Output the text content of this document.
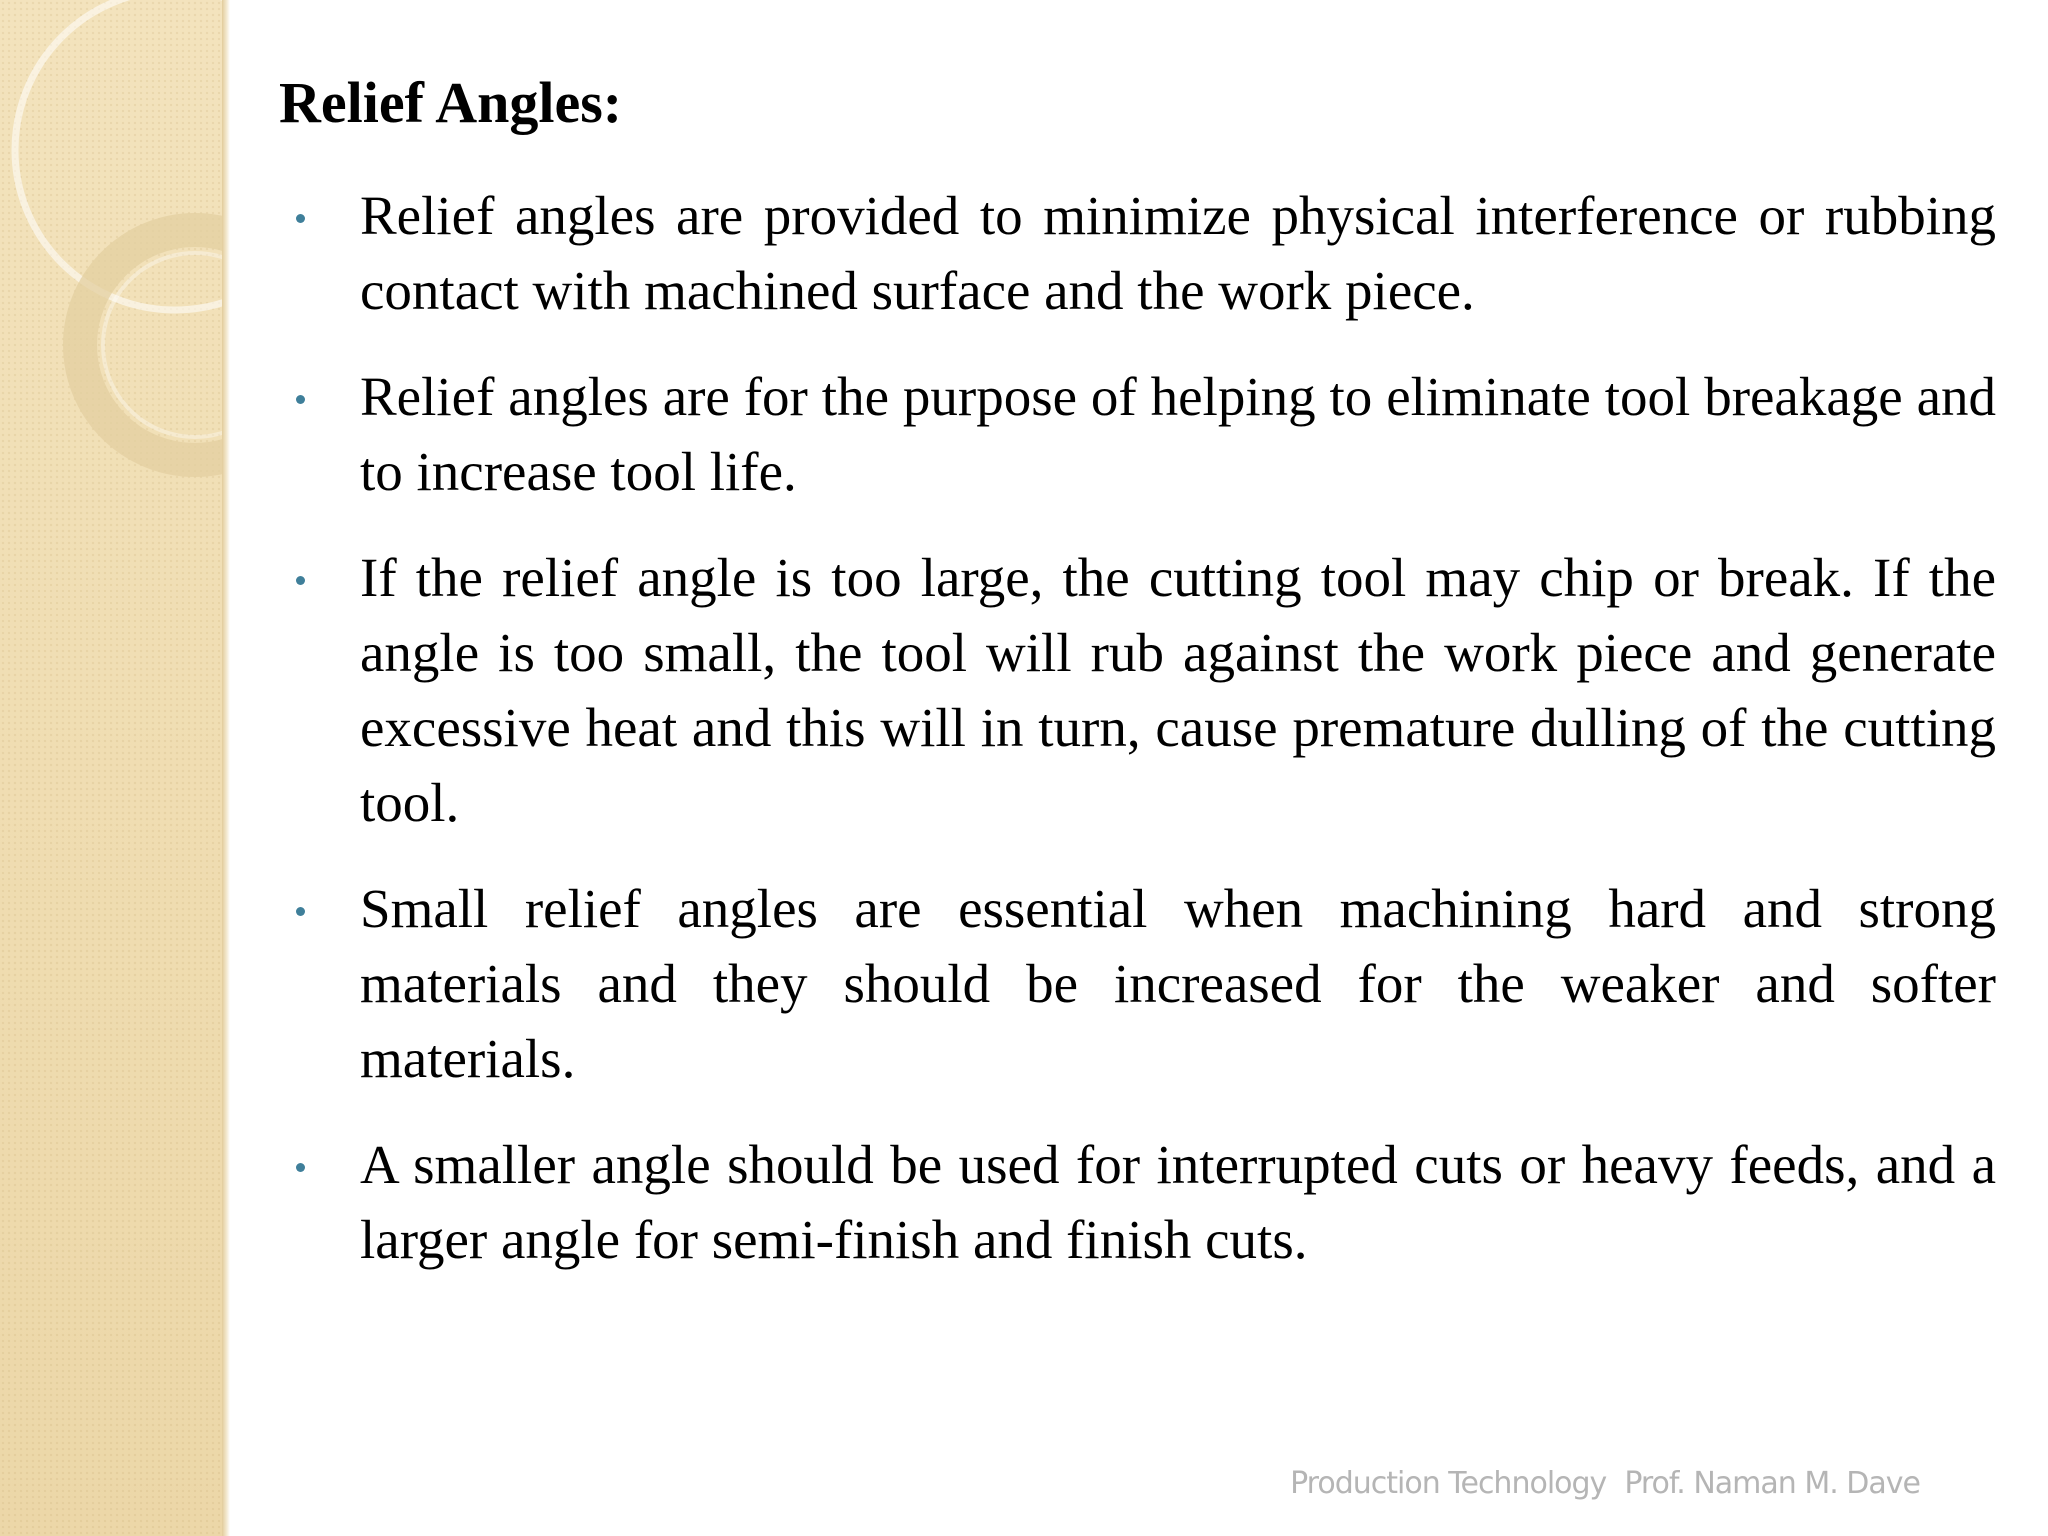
Relief Angles:
Relief angles are provided to minimize physical interference or rubbing contact with machined surface and the work piece.
Relief angles are for the purpose of helping to eliminate tool breakage and to increase tool life.
If the relief angle is too large, the cutting tool may chip or break. If the angle is too small, the tool will rub against the work piece and generate excessive heat and this will in turn, cause premature dulling of the cutting tool.
Small relief angles are essential when machining hard and strong materials and they should be increased for the weaker and softer materials.
A smaller angle should be used for interrupted cuts or heavy feeds, and a larger angle for semi-finish and finish cuts.
Production Technology Prof. Naman M. Dave
